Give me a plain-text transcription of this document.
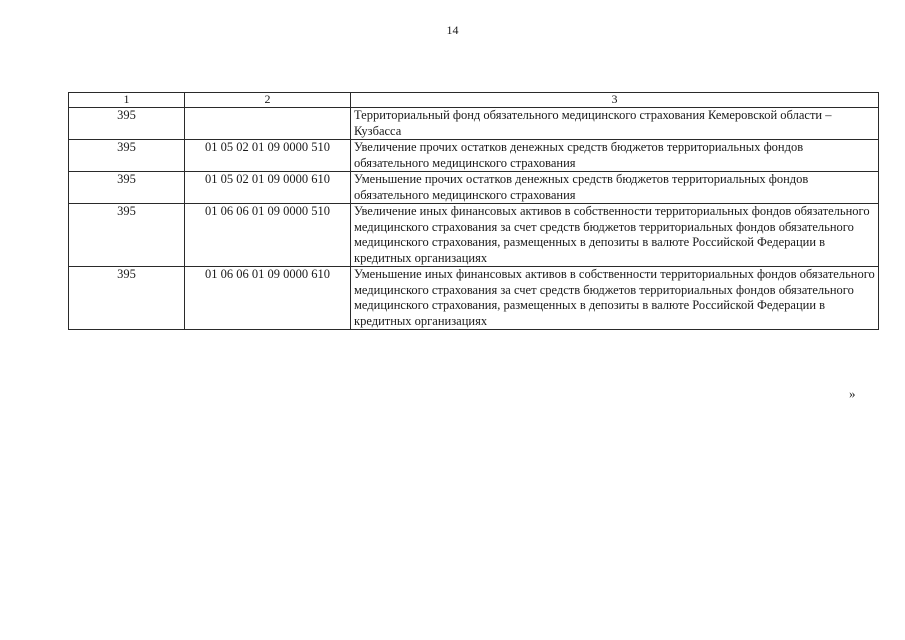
14
1	2	3
395		Территориальный фонд обязательного медицинского страхования Кемеровской области – Кузбасса
395	01 05 02 01 09 0000 510	Увеличение прочих остатков денежных средств бюджетов территориальных фондов обязательного медицинского страхования
395	01 05 02 01 09 0000 610	Уменьшение прочих остатков денежных средств бюджетов территориальных фондов обязательного медицинского страхования
395	01 06 06 01 09 0000 510	Увеличение иных финансовых активов в собственности территориальных фондов обязательного медицинского страхования за счет средств бюджетов территориальных фондов обязательного медицинского страхования, размещенных в депозиты в валюте Российской Федерации в кредитных организациях
395	01 06 06 01 09 0000 610	Уменьшение иных финансовых активов в собственности территориальных фондов обязательного медицинского страхования за счет средств бюджетов территориальных фондов обязательного медицинского страхования, размещенных в депозиты в валюте Российской Федерации в кредитных организациях
»
